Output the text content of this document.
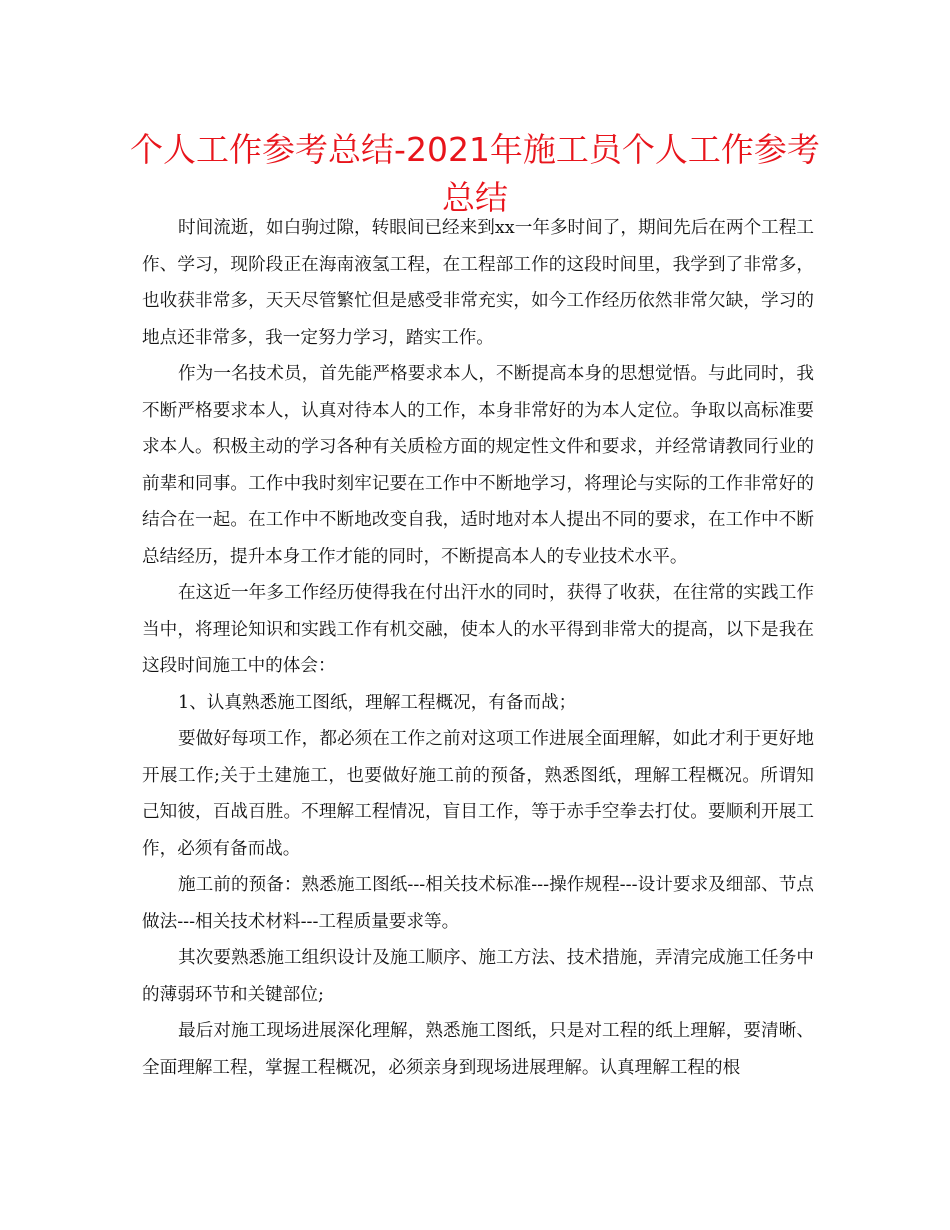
个人工作参考总结-2021年施工员个人工作参考总结

时间流逝，如白驹过隙，转眼间已经来到xx一年多时间了，期间先后在两个工程工作、学习，现阶段正在海南液氢工程，在工程部工作的这段时间里，我学到了非常多，也收获非常多，天天尽管繁忙但是感受非常充实，如今工作经历依然非常欠缺，学习的地点还非常多，我一定努力学习，踏实工作。

作为一名技术员，首先能严格要求本人，不断提高本身的思想觉悟。与此同时，我不断严格要求本人，认真对待本人的工作，本身非常好的为本人定位。争取以高标准要求本人。积极主动的学习各种有关质检方面的规定性文件和要求，并经常请教同行业的前辈和同事。工作中我时刻牢记要在工作中不断地学习，将理论与实际的工作非常好的结合在一起。在工作中不断地改变自我，适时地对本人提出不同的要求，在工作中不断总结经历，提升本身工作才能的同时，不断提高本人的专业技术水平。

在这近一年多工作经历使得我在付出汗水的同时，获得了收获，在往常的实践工作当中，将理论知识和实践工作有机交融，使本人的水平得到非常大的提高，以下是我在这段时间施工中的体会：

1、认真熟悉施工图纸，理解工程概况，有备而战；

要做好每项工作，都必须在工作之前对这项工作进展全面理解，如此才利于更好地开展工作;关于土建施工，也要做好施工前的预备，熟悉图纸，理解工程概况。所谓知己知彼，百战百胜。不理解工程情况，盲目工作，等于赤手空拳去打仗。要顺利开展工作，必须有备而战。

施工前的预备：熟悉施工图纸---相关技术标准---操作规程---设计要求及细部、节点做法---相关技术材料---工程质量要求等。

其次要熟悉施工组织设计及施工顺序、施工方法、技术措施，弄清完成施工任务中的薄弱环节和关键部位;

最后对施工现场进展深化理解，熟悉施工图纸，只是对工程的纸上理解，要清晰、全面理解工程，掌握工程概况，必须亲身到现场进展理解。认真理解工程的根
